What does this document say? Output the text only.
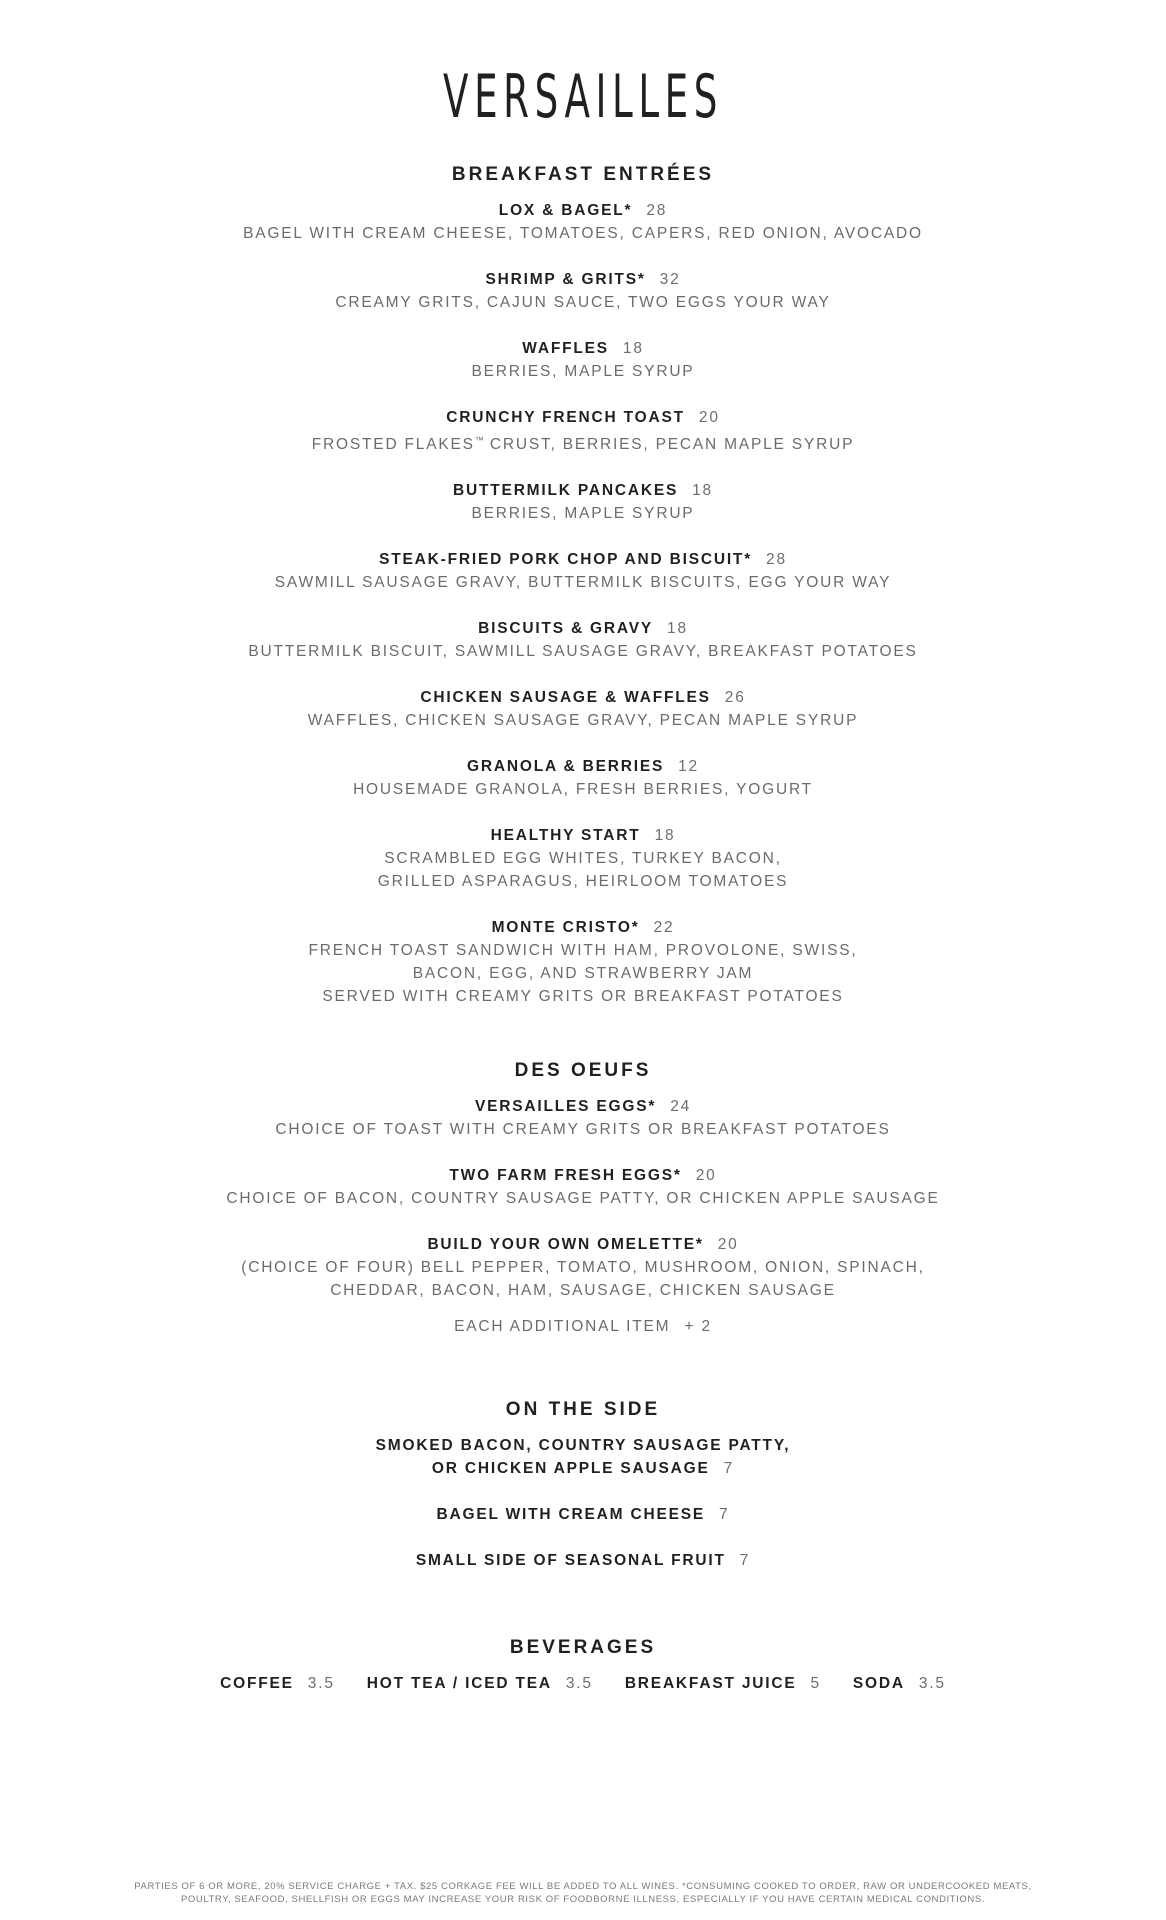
VERSAILLES
BREAKFAST ENTRÉES
LOX & BAGEL* 28
BAGEL WITH CREAM CHEESE, TOMATOES, CAPERS, RED ONION, AVOCADO
SHRIMP & GRITS* 32
CREAMY GRITS, CAJUN SAUCE, TWO EGGS YOUR WAY
WAFFLES 18
BERRIES, MAPLE SYRUP
CRUNCHY FRENCH TOAST 20
FROSTED FLAKES™ CRUST, BERRIES, PECAN MAPLE SYRUP
BUTTERMILK PANCAKES 18
BERRIES, MAPLE SYRUP
STEAK-FRIED PORK CHOP AND BISCUIT* 28
SAWMILL SAUSAGE GRAVY, BUTTERMILK BISCUITS, EGG YOUR WAY
BISCUITS & GRAVY 18
BUTTERMILK BISCUIT, SAWMILL SAUSAGE GRAVY, BREAKFAST POTATOES
CHICKEN SAUSAGE & WAFFLES 26
WAFFLES, CHICKEN SAUSAGE GRAVY, PECAN MAPLE SYRUP
GRANOLA & BERRIES 12
HOUSEMADE GRANOLA, FRESH BERRIES, YOGURT
HEALTHY START 18
SCRAMBLED EGG WHITES, TURKEY BACON,
GRILLED ASPARAGUS, HEIRLOOM TOMATOES
MONTE CRISTO* 22
FRENCH TOAST SANDWICH WITH HAM, PROVOLONE, SWISS,
BACON, EGG, AND STRAWBERRY JAM
SERVED WITH CREAMY GRITS OR BREAKFAST POTATOES
DES OEUFS
VERSAILLES EGGS* 24
CHOICE OF TOAST WITH CREAMY GRITS OR BREAKFAST POTATOES
TWO FARM FRESH EGGS* 20
CHOICE OF BACON, COUNTRY SAUSAGE PATTY, OR CHICKEN APPLE SAUSAGE
BUILD YOUR OWN OMELETTE* 20
(CHOICE OF FOUR) BELL PEPPER, TOMATO, MUSHROOM, ONION, SPINACH,
CHEDDAR, BACON, HAM, SAUSAGE, CHICKEN SAUSAGE
EACH ADDITIONAL ITEM + 2
ON THE SIDE
SMOKED BACON, COUNTRY SAUSAGE PATTY,
OR CHICKEN APPLE SAUSAGE 7
BAGEL WITH CREAM CHEESE 7
SMALL SIDE OF SEASONAL FRUIT 7
BEVERAGES
COFFEE 3.5 HOT TEA / ICED TEA 3.5 BREAKFAST JUICE 5 SODA 3.5
PARTIES OF 6 OR MORE, 20% SERVICE CHARGE + TAX. $25 CORKAGE FEE WILL BE ADDED TO ALL WINES. *CONSUMING COOKED TO ORDER, RAW OR UNDERCOOKED MEATS,
POULTRY, SEAFOOD, SHELLFISH OR EGGS MAY INCREASE YOUR RISK OF FOODBORNE ILLNESS, ESPECIALLY IF YOU HAVE CERTAIN MEDICAL CONDITIONS.
